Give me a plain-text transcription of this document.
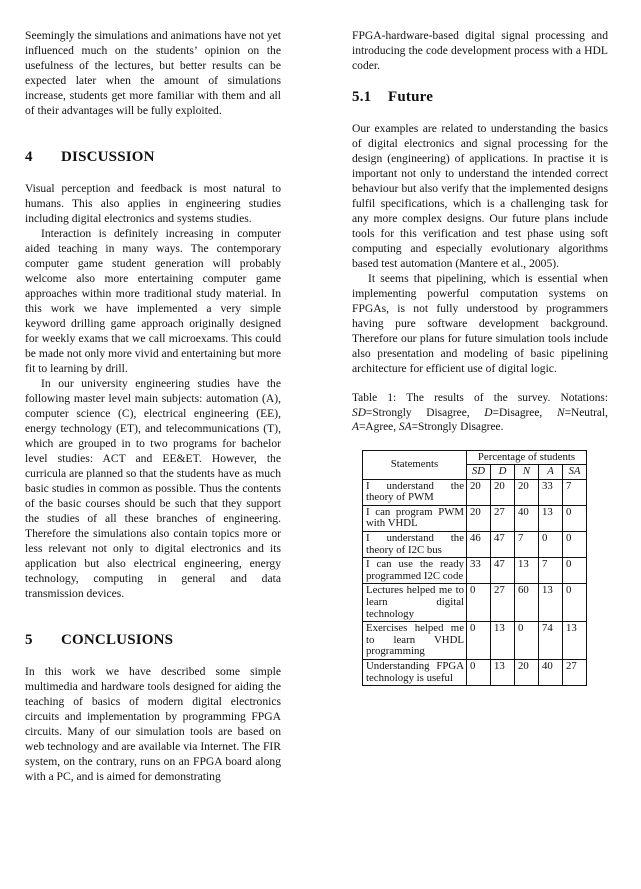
Seemingly the simulations and animations have not yet influenced much on the students’ opinion on the usefulness of the lectures, but better results can be expected later when the amount of simulations increase, students get more familiar with them and all of their advantages will be fully exploited.

4 DISCUSSION

Visual perception and feedback is most natural to humans. This also applies in engineering studies including digital electronics and systems studies.

Interaction is definitely increasing in computer aided teaching in many ways. The contemporary computer game student generation will probably welcome also more entertaining computer game approaches within more traditional study material. In this work we have implemented a very simple keyword drilling game approach originally designed for weekly exams that we call microexams. This could be made not only more vivid and entertaining but more fit to learning by drill.

In our university engineering studies have the following master level main subjects: automation (A), computer science (C), electrical engineering (EE), energy technology (ET), and telecommunications (T), which are grouped in to two programs for bachelor level studies: ACT and EE&ET. However, the curricula are planned so that the students have as much basic studies in common as possible. Thus the contents of the basic courses should be such that they support the studies of all these branches of engineering. Therefore the simulations also contain topics more or less relevant not only to digital electronics and its application but also electrical engineering, energy technology, computing in general and data transmission devices.

5 CONCLUSIONS

In this work we have described some simple multimedia and hardware tools designed for aiding the teaching of basics of modern digital electronics circuits and implementation by programming FPGA circuits. Many of our simulation tools are based on web technology and are available via Internet. The FIR system, on the contrary, runs on an FPGA board along with a PC, and is aimed for demonstrating

FPGA-hardware-based digital signal processing and introducing the code development process with a HDL coder.

5.1 Future

Our examples are related to understanding the basics of digital electronics and signal processing for the design (engineering) of applications. In practise it is important not only to understand the intended correct behaviour but also verify that the implemented designs fulfil specifications, which is a challenging task for any more complex designs. Our future plans include tools for this verification and test phase using soft computing and especially evolutionary algorithms based test automation (Mantere et al., 2005).

It seems that pipelining, which is essential when implementing powerful computation systems on FPGAs, is not fully understood by programmers having pure software development background. Therefore our plans for future simulation tools include also presentation and modeling of basic pipelining architecture for efficient use of digital logic.

Table 1: The results of the survey. Notations: SD=Strongly Disagree, D=Disagree, N=Neutral, A=Agree, SA=Strongly Disagree.

Statements	Percentage of students				
	SD	D	N	A	SA
I understand the theory of PWM	20	20	20	33	7
I can program PWM with VHDL	20	27	40	13	0
I understand the theory of I2C bus	46	47	7	0	0
I can use the ready programmed I2C code	33	47	13	7	0
Lectures helped me to learn digital technology	0	27	60	13	0
Exercises helped me to learn VHDL programming	0	13	0	74	13
Understanding FPGA technology is useful	0	13	20	40	27
